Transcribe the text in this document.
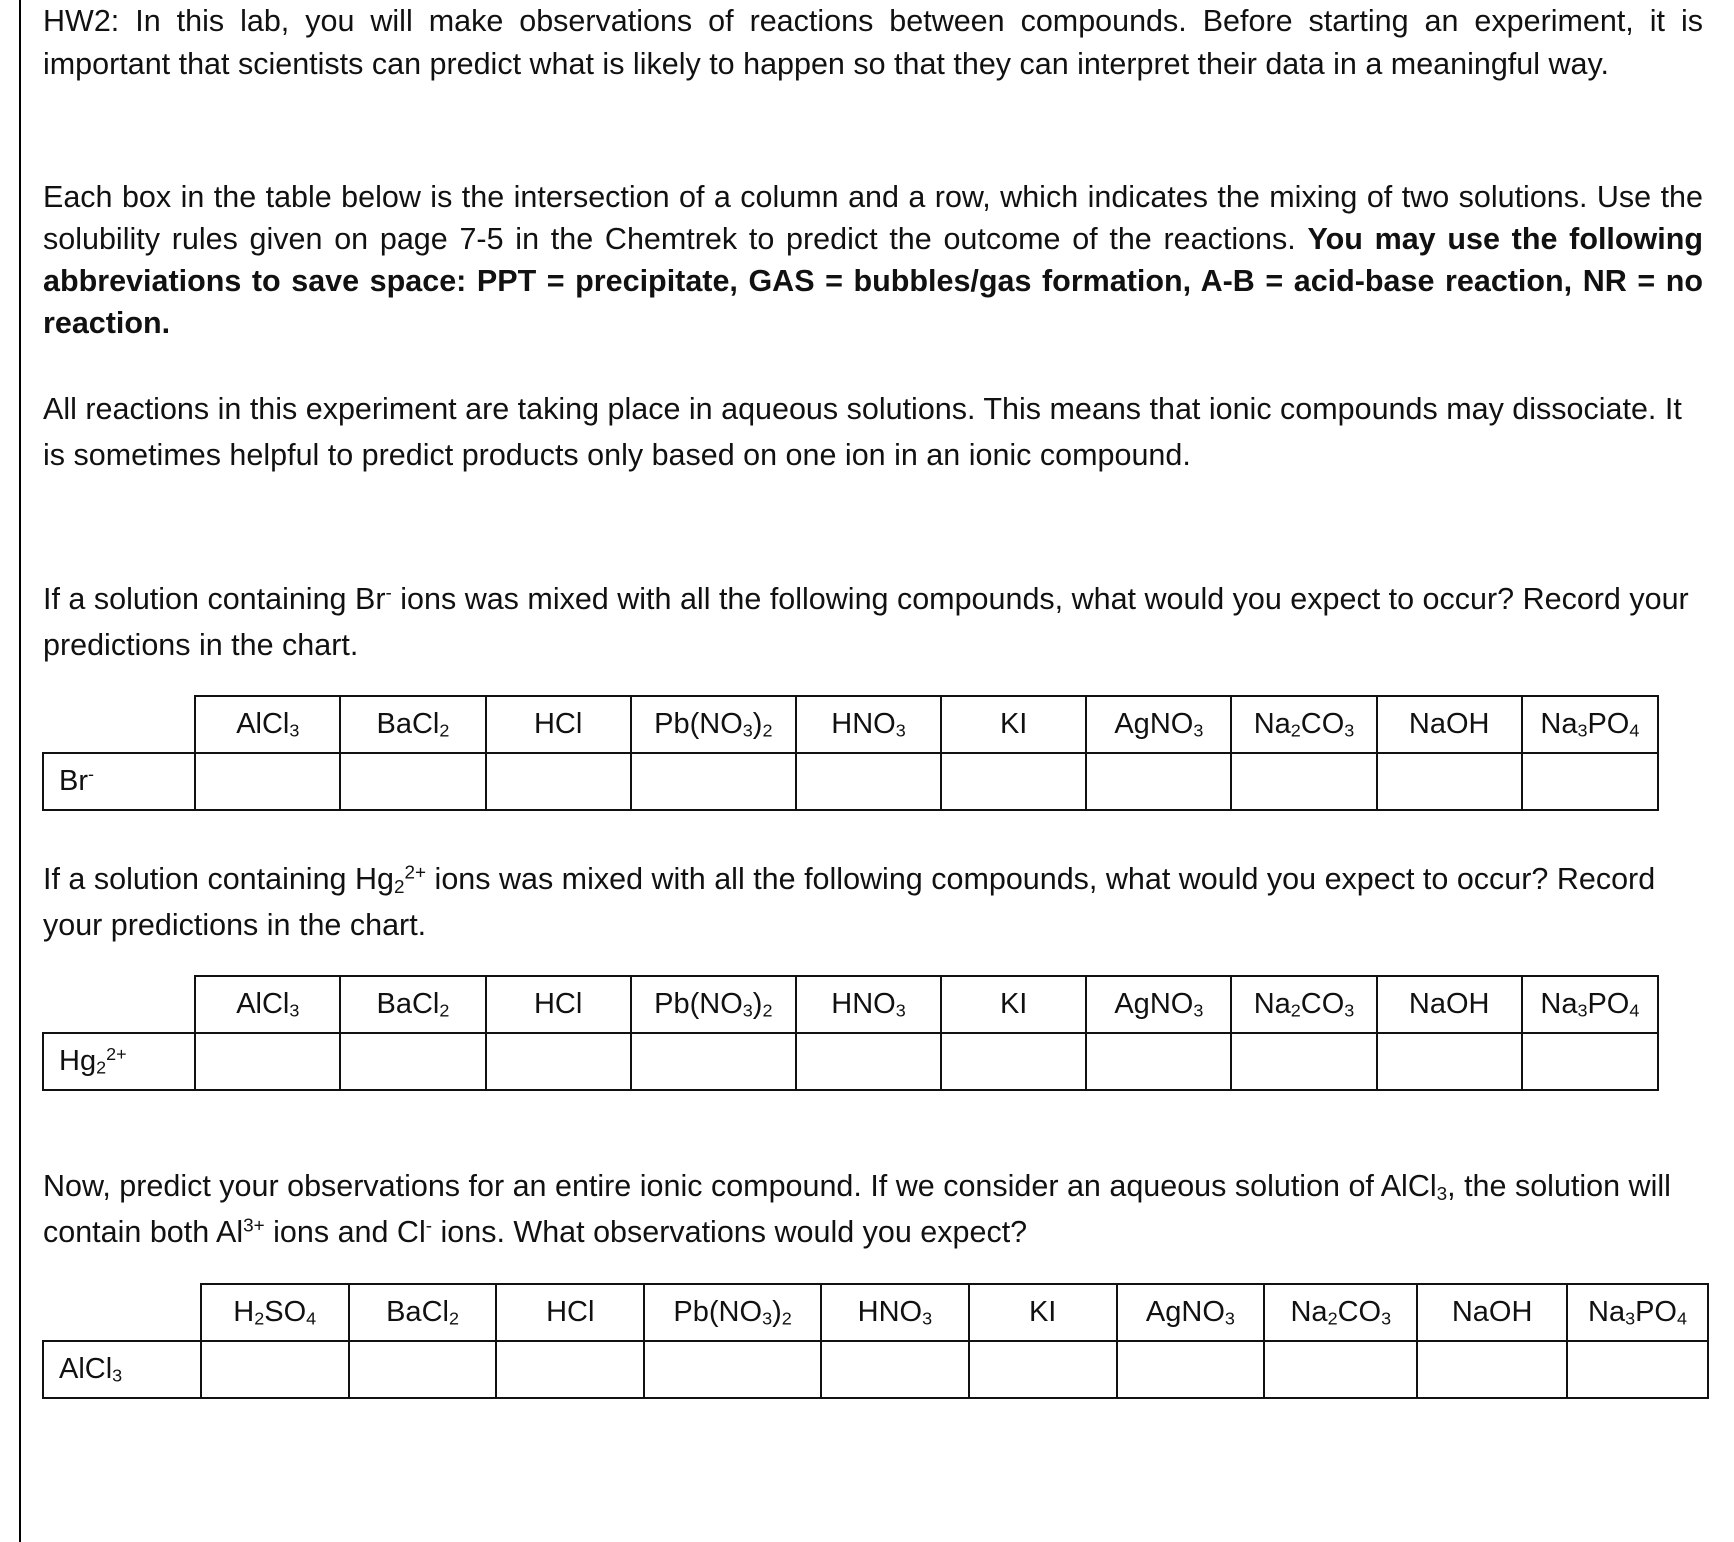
HW2: In this lab, you will make observations of reactions between compounds. Before starting an experiment, it is important that scientists can predict what is likely to happen so that they can interpret their data in a meaningful way.

Each box in the table below is the intersection of a column and a row, which indicates the mixing of two solutions. Use the solubility rules given on page 7-5 in the Chemtrek to predict the outcome of the reactions. You may use the following abbreviations to save space: PPT = precipitate, GAS = bubbles/gas formation, A-B = acid-base reaction, NR = no reaction.

All reactions in this experiment are taking place in aqueous solutions. This means that ionic compounds may dissociate. It is sometimes helpful to predict products only based on one ion in an ionic compound.

If a solution containing Br- ions was mixed with all the following compounds, what would you expect to occur? Record your predictions in the chart.

	AlCl$_3$	BaCl$_2$	HCl	$Pb(NO_3)_2$	$HNO_3$	KI	AgNO$_3$	$Na_2CO_3$	NaOH	$Na_3PO_4$
Br-										

If a solution containing $Hg_2^{2+}$ ions was mixed with all the following compounds, what would you expect to occur? Record your predictions in the chart.

	AlCl$_3$	BaCl$_2$	HCl	$Pb(NO_3)_2$	$HNO_3$	KI	AgNO$_3$	$Na_2CO_3$	NaOH	$Na_3PO_4$
$Hg_2^{2+}$										

Now, predict your observations for an entire ionic compound. If we consider an aqueous solution of AlCl$_3$, the solution will contain both $Al^{3+}$ ions and Cl- ions. What observations would you expect?

	$H_2SO_4$	BaCl$_2$	HCl	$Pb(NO_3)_2$	$HNO_3$	KI	AgNO$_3$	$Na_2CO_3$	NaOH	$Na_3PO_4$
AlCl$_3$										
